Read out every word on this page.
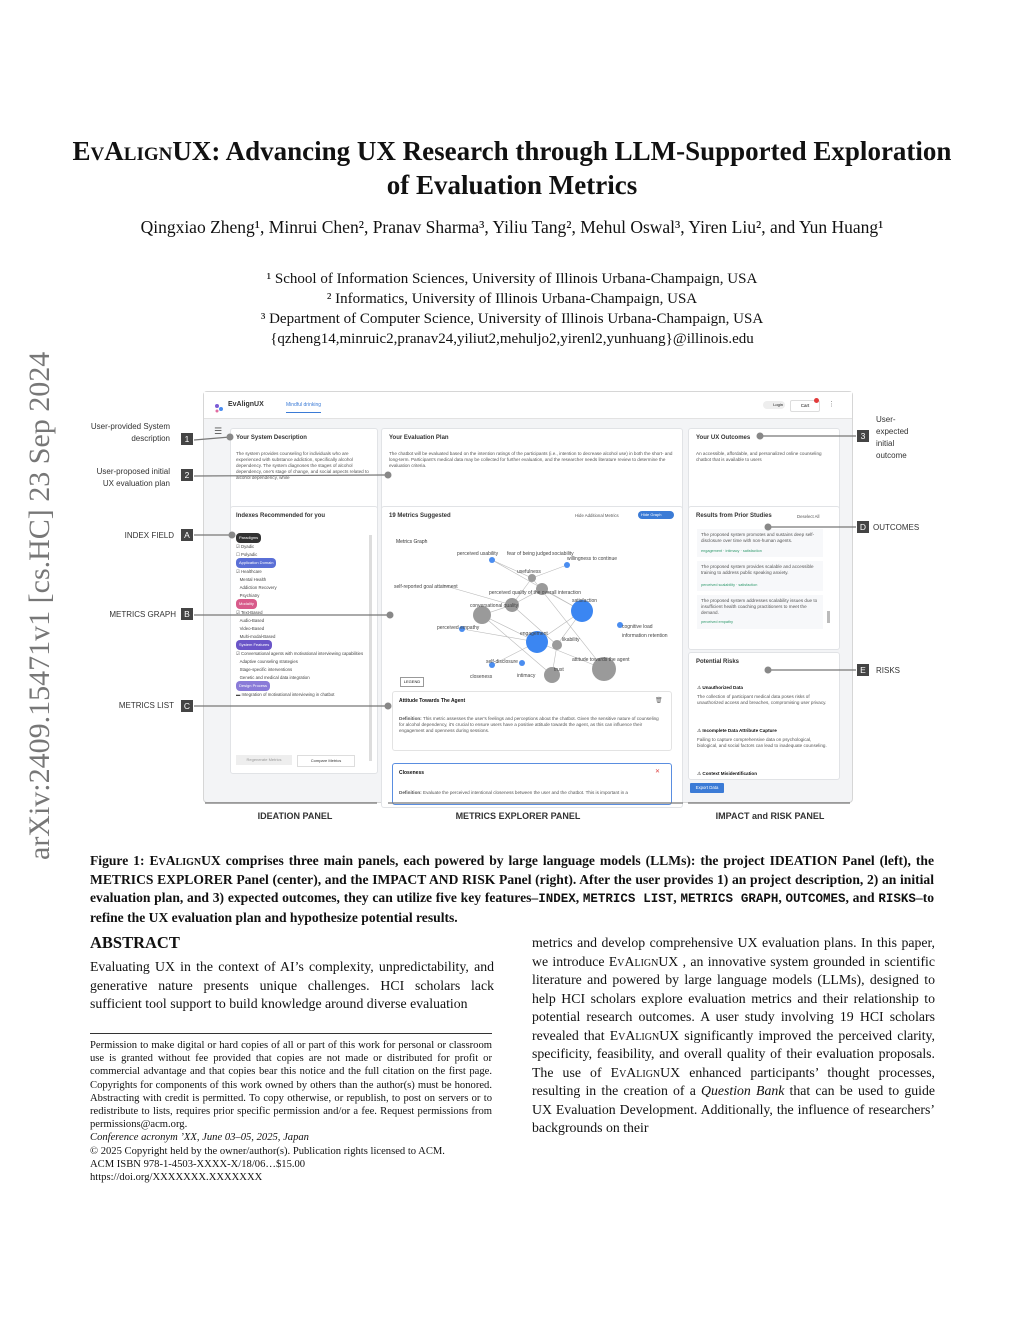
arXiv:2409.15471v1 [cs.HC] 23 Sep 2024
EvAlignUX: Advancing UX Research through LLM-Supported Exploration of Evaluation Metrics
Qingxiao Zheng¹, Minrui Chen², Pranav Sharma³, Yiliu Tang², Mehul Oswal³, Yiren Liu², and Yun Huang¹
¹ School of Information Sciences, University of Illinois Urbana-Champaign, USA
² Informatics, University of Illinois Urbana-Champaign, USA
³ Department of Computer Science, University of Illinois Urbana-Champaign, USA
{qzheng14,minruic2,pranav24,yiliut2,mehuljo2,yirenl2,yunhuang}@illinois.edu
EvAlignUX	Mindful drinking	Login	Cart	⋮
☰
Your System Description
The system provides counseling for individuals who are experienced with substance addiction, specifically alcohol dependency. The system diagnoses the stages of alcohol dependency, one's stage of change, and social aspects related to alcohol dependency, while
Your Evaluation Plan
The chatbot will be evaluated based on the intention ratings of the participants (i.e., intention to decrease alcohol use) in both the short- and long-term. Participant's medical data may be collected for further evaluation, and the researcher needs literature review to determine the evaluation criteria.
Your UX Outcomes
An accessible, affordable, and personalized online counseling chatbot that is available to users
Indexes Recommended for you
Paradigms
☑ Dyadic
☐ Polyadic
Application Domain
☑ Healthcare
Mental Health
Addiction Recovery
Psychiatry
Modality
☑ Text-Based
Audio-Based
Video-Based
Multi-modal-Based
System Features
☑ Conversational agents with motivational interviewing capabilities
Adaptive counseling strategies
Stage-specific interventions
Genetic and medical data integration
Design Process
▬ Integration of motivational interviewing in chatbot
Regenerate Metrics	Compare Metrics
19 Metrics Suggested	Hide Additional Metrics	Hide Graph
Metrics Graph
perceived usability fear of being judged sociability
willingness to continue
usefulness
self-reported goal attainment
perceived quality of the overall interaction
satisfaction
conversational quality
perceived empathy
engagement
likability
cognitive load
information retention
self-disclosure	attitude towards the agent
closeness	intimacy
trust
LEGEND
Attitude Towards The Agent	🗑
Definition: This metric assesses the user's feelings and perceptions about the chatbot. Given the sensitive nature of counseling for alcohol dependency, it's crucial to ensure users have a positive attitude towards the agent, as this can influence their engagement and openness during sessions.
Closeness	✕
Definition: Evaluate the perceived intentional closeness between the user and the chatbot. This is important in a
Results from Prior Studies	Deselect All
The proposed system promotes and sustains deep self-disclosure over time with non-human agents.
engagement · intimacy · satisfaction
The proposed system provides scalable and accessible training to address public speaking anxiety.
perceived scalability · satisfaction
The proposed system addresses scalability issues due to insufficient health coaching practitioners to meet the demand.
perceived empathy
Potential Risks
⚠ Unauthorized Data
The collection of participant medical data poses risks of unauthorized access and breaches, compromising user privacy.
⚠ Incomplete Data Attribute Capture
Failing to capture comprehensive data on psychological, biological, and social factors can lead to inadequate counseling.
⚠ Context Misidentification
Export Data
User-provided System description	1
User-proposed initial UX evaluation plan
2
User-expected initial outcome
3
INDEX FIELD	A
METRICS GRAPH B
METRICS LIST	C
D OUTCOMES
E	RISKS
IDEATION PANEL	METRICS EXPLORER PANEL	IMPACT and RISK PANEL
Figure 1: EvAlignUX comprises three main panels, each powered by large language models (LLMs): the project IDEATION Panel (left), the METRICS EXPLORER Panel (center), and the IMPACT AND RISK Panel (right). After the user provides 1) an project description, 2) an initial evaluation plan, and 3) expected outcomes, they can utilize five key features–INDEX, METRICS LIST, METRICS GRAPH, OUTCOMES, and RISKS–to refine the UX evaluation plan and hypothesize potential results.
ABSTRACT
Evaluating UX in the context of AI’s complexity, unpredictability, and generative nature presents unique challenges. HCI scholars lack sufficient tool support to build knowledge around diverse evaluation
Permission to make digital or hard copies of all or part of this work for personal or classroom use is granted without fee provided that copies are not made or distributed for profit or commercial advantage and that copies bear this notice and the full citation on the first page. Copyrights for components of this work owned by others than the author(s) must be honored. Abstracting with credit is permitted. To copy otherwise, or republish, to post on servers or to redistribute to lists, requires prior specific permission and/or a fee. Request permissions from permissions@acm.org.
Conference acronym ’XX, June 03–05, 2025, Japan
© 2025 Copyright held by the owner/author(s). Publication rights licensed to ACM.
ACM ISBN 978-1-4503-XXXX-X/18/06…$15.00
https://doi.org/XXXXXXX.XXXXXXX
metrics and develop comprehensive UX evaluation plans. In this paper, we introduce EvAlignUX , an innovative system grounded in scientific literature and powered by large language models (LLMs), designed to help HCI scholars explore evaluation metrics and their relationship to potential research outcomes. A user study involving 19 HCI scholars revealed that EvAlignUX significantly improved the perceived clarity, specificity, feasibility, and overall quality of their evaluation proposals. The use of EvAlignUX enhanced participants’ thought processes, resulting in the creation of a Question Bank that can be used to guide UX Evaluation Development. Additionally, the influence of researchers’ backgrounds on their
